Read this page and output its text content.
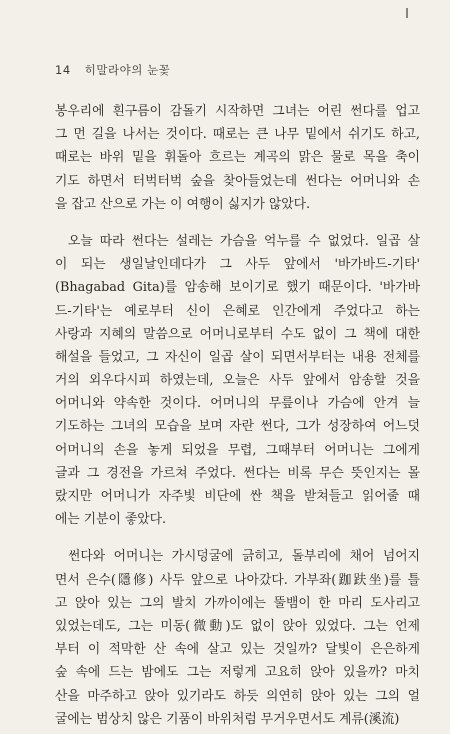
14 히말라야의 눈꽃
봉우리에 흰구름이 감돌기 시작하면 그녀는 어린 썬다를 업고
그 먼 길을 나서는 것이다. 때로는 큰 나무 밑에서 쉬기도 하고,
때로는 바위 밑을 휘돌아 흐르는 계곡의 맑은 물로 목을 축이
기도 하면서 터벅터벅 숲을 찾아들었는데 썬다는 어머니와 손
을 잡고 산으로 가는 이 여행이 싫지가 않았다.
오늘 따라 썬다는 설레는 가슴을 억누를 수 없었다. 일곱 살
이 되는 생일날인데다가 그 사두 앞에서 '바가바드-기타'
(Bhagabad Gita)를 암송해 보이기로 했기 때문이다. '바가바
드-기타'는 예로부터 신이 은혜로 인간에게 주었다고 하는
사랑과 지혜의 말씀으로 어머니로부터 수도 없이 그 책에 대한
해설을 들었고, 그 자신이 일곱 살이 되면서부터는 내용 전체를
거의 외우다시피 하였는데, 오늘은 사두 앞에서 암송할 것을
어머니와 약속한 것이다. 어머니의 무릎이나 가슴에 안겨 늘
기도하는 그녀의 모습을 보며 자란 썬다, 그가 성장하여 어느덧
어머니의 손을 놓게 되었을 무렵, 그때부터 어머니는 그에게
글과 그 경전을 가르쳐 주었다. 썬다는 비록 무슨 뜻인지는 몰
랐지만 어머니가 자주빛 비단에 싼 책을 받쳐들고 읽어줄 때
에는 기분이 좋았다.
썬다와 어머니는 가시덩굴에 긁히고, 돌부리에 채어 넘어지
면서 은수(隱修) 사두 앞으로 나아갔다. 가부좌(跏趺坐)를 틀
고 앉아 있는 그의 발치 가까이에는 뚤뱀이 한 마리 도사리고
있었는데도, 그는 미동(微動)도 없이 앉아 있었다. 그는 언제
부터 이 적막한 산 속에 살고 있는 것일까? 달빛이 은은하게
숲 속에 드는 밤에도 그는 저렇게 고요히 앉아 있을까? 마치
산을 마주하고 앉아 있기라도 하듯 의연히 앉아 있는 그의 얼
굴에는 범상치 않은 기품이 바위처럼 무거우면서도 계류(溪流)
